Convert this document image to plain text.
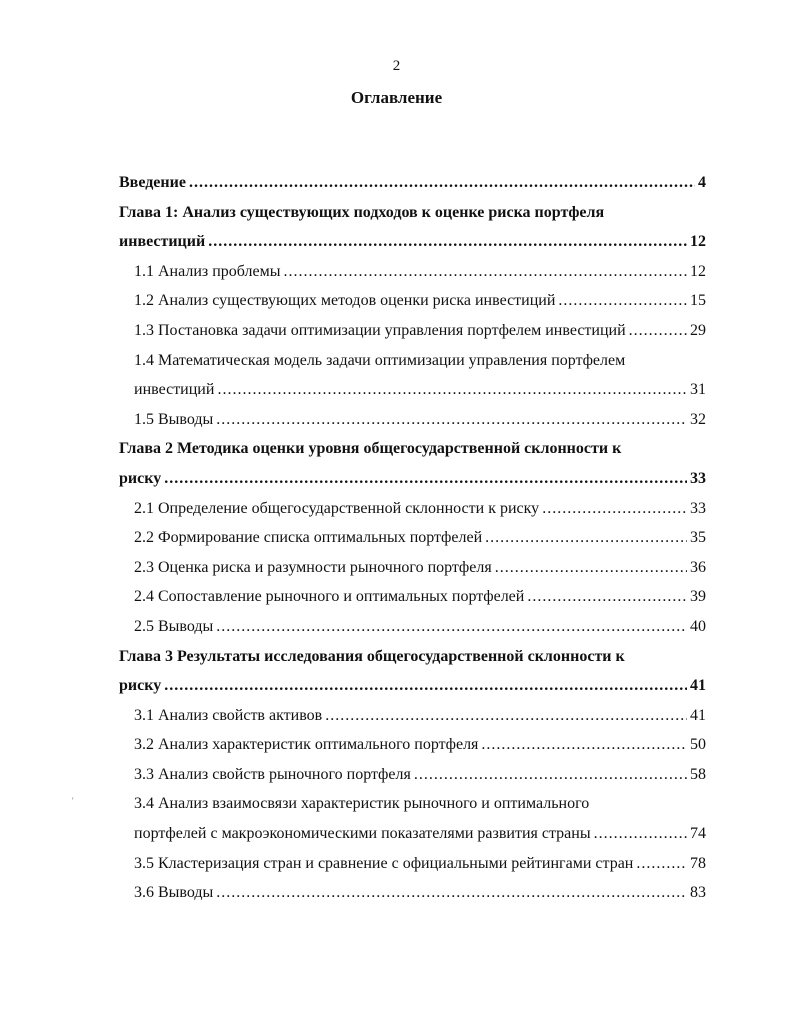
2
Оглавление
Введение .....	4
Глава 1: Анализ существующих подходов к оценке риска портфеля
инвестиций .....	12
1.1 Анализ проблемы .....	12
1.2 Анализ существующих методов оценки риска инвестиций .....	15
1.3 Постановка задачи оптимизации управления портфелем инвестиций .....	29
1.4 Математическая модель задачи оптимизации управления портфелем
инвестиций .....	31
1.5 Выводы .....	32
Глава 2 Методика оценки уровня общегосударственной склонности к
риску .....	33
2.1 Определение общегосударственной склонности к риску .....	33
2.2 Формирование списка оптимальных портфелей .....	35
2.3 Оценка риска и разумности рыночного портфеля .....	36
2.4 Сопоставление рыночного и оптимальных портфелей .....	39
2.5 Выводы .....	40
Глава 3 Результаты исследования общегосударственной склонности к
риску .....	41
3.1 Анализ свойств активов .....	41
3.2 Анализ характеристик оптимального портфеля .....	50
3.3 Анализ свойств рыночного портфеля .....	58
3.4 Анализ взаимосвязи характеристик рыночного и оптимального
портфелей с макроэкономическими показателями развития страны .....	74
3.5 Кластеризация стран и сравнение с официальными рейтингами стран .....	78
3.6 Выводы .....	83
'
